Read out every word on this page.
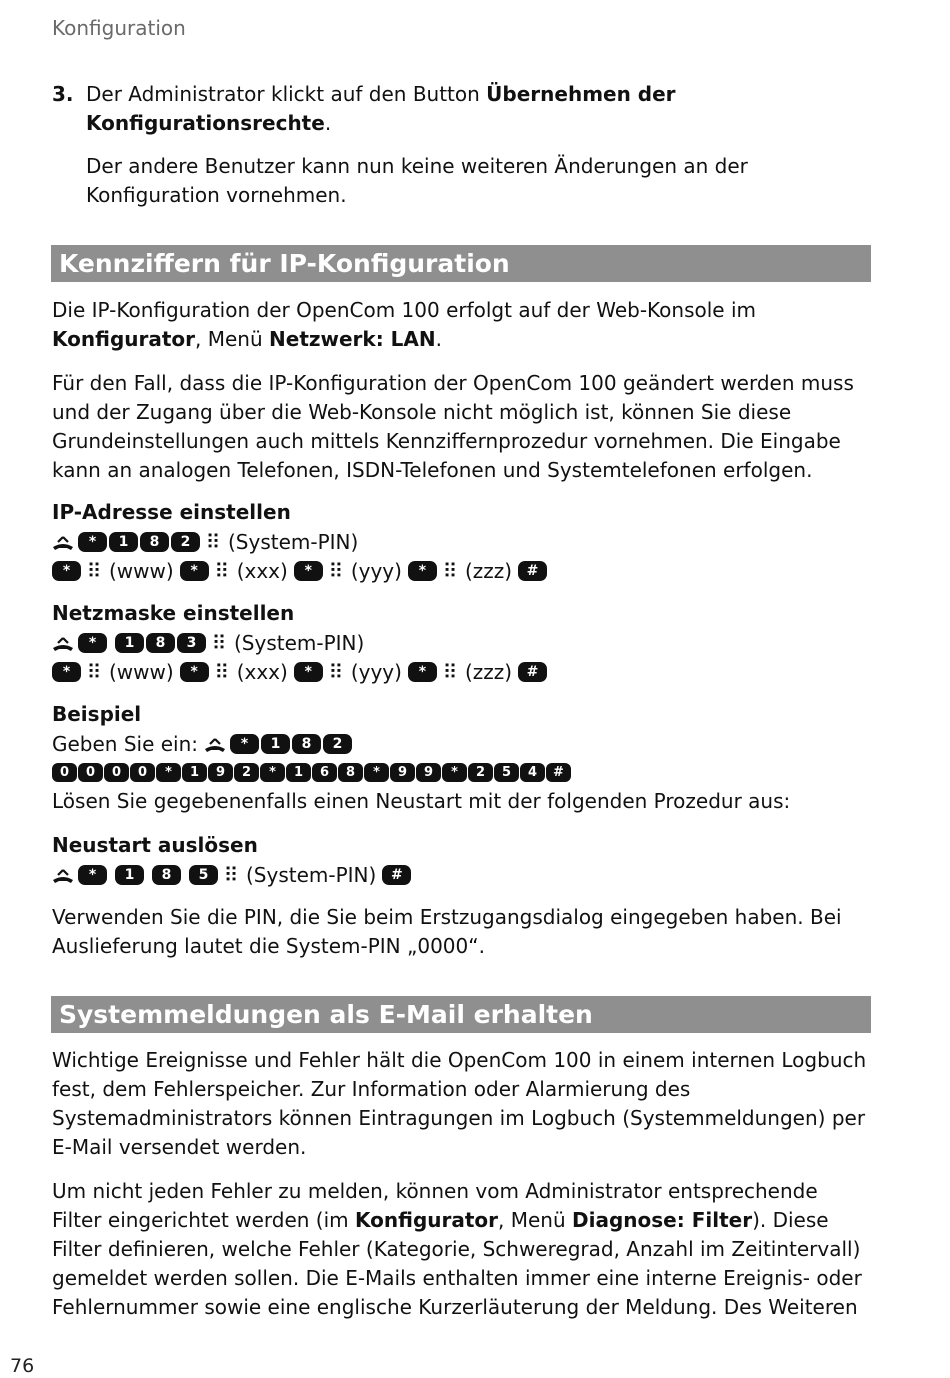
Konfiguration
3. Der Administrator klickt auf den Button Übernehmen der Konfigurationsrechte.

Der andere Benutzer kann nun keine weiteren Änderungen an der Konfiguration vornehmen.

Kennziffern für IP-Konfiguration

Die IP-Konfiguration der OpenCom 100 erfolgt auf der Web-Konsole im Konfigurator, Menü Netzwerk: LAN.

Für den Fall, dass die IP-Konfiguration der OpenCom 100 geändert werden muss und der Zugang über die Web-Konsole nicht möglich ist, können Sie diese Grundeinstellungen auch mittels Kennziffernprozedur vornehmen. Die Eingabe kann an analogen Telefonen, ISDN-Telefonen und Systemtelefonen erfolgen.

IP-Adresse einstellen

*	1	8	2 ⠿ (System-PIN)
* ⠿ (www)	* ⠿ (xxx)	* ⠿ (yyy)	* ⠿ (zzz)	#

Netzmaske einstellen

*	1	8	3 ⠿ (System-PIN)
* ⠿ (www)	* ⠿ (xxx)	* ⠿ (yyy)	* ⠿ (zzz)	#

Beispiel

Geben Sie ein:	*	1	8	2
0	0	0	0	*	1	9	2	*	1	6	8	*	9	9	*	2	5	4	#

Lösen Sie gegebenenfalls einen Neustart mit der folgenden Prozedur aus:

Neustart auslösen

*	1	8	5 ⠿ (System-PIN)	#

Verwenden Sie die PIN, die Sie beim Erstzugangsdialog eingegeben haben. Bei Auslieferung lautet die System-PIN „0000“.

Systemmeldungen als E-Mail erhalten

Wichtige Ereignisse und Fehler hält die OpenCom 100 in einem internen Logbuch fest, dem Fehlerspeicher. Zur Information oder Alarmierung des Systemadministrators können Eintragungen im Logbuch (Systemmeldungen) per E-Mail versendet werden.

Um nicht jeden Fehler zu melden, können vom Administrator entsprechende Filter eingerichtet werden (im Konfigurator, Menü Diagnose: Filter). Diese Filter definieren, welche Fehler (Kategorie, Schweregrad, Anzahl im Zeitintervall) gemeldet werden sollen. Die E-Mails enthalten immer eine interne Ereignis- oder Fehlernummer sowie eine englische Kurzerläuterung der Meldung. Des Weiteren

76
